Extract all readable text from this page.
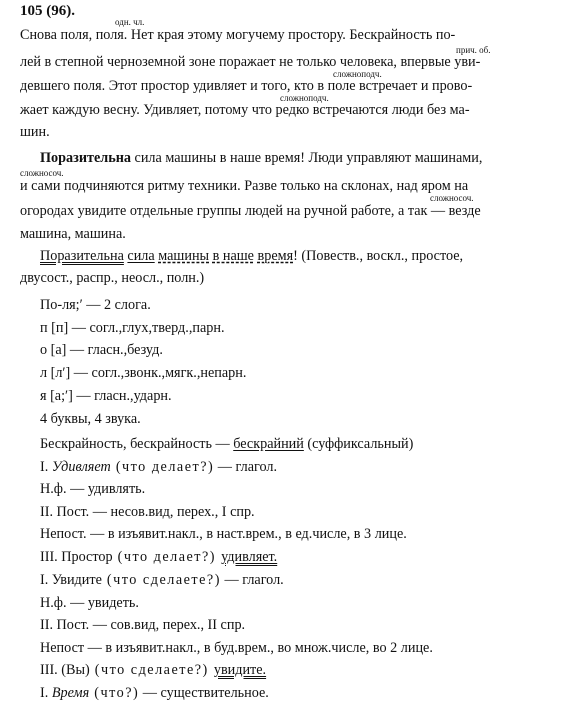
105 (96).
одн. чл.
прич. об.
сложноподч.
сложноподч.
сложносоч.
сложносоч.
Снова поля, поля. Нет края этому могучему простору. Бескрайность по-
лей в степной черноземной зоне поражает не только человека, впервые уви-
девшего поля. Этот простор удивляет и того, кто в поле встречает и прово-
жает каждую весну. Удивляет, потому что редко встречаются люди без ма-
шин.
Поразительна сила машины в наше время! Люди управляют машинами,
и сами подчиняются ритму техники. Разве только на склонах, над яром на
огородах увидите отдельные группы людей на ручной работе, а так — везде
машина, машина.
Поразительна сила машины в наше время! (Повеств., воскл., простое,
двусост., распр., неосл., полн.)
По-ля;ʹ — 2 слога.
п [п] — согл.,глух,тверд.,парн.
о [а] — гласн.,безуд.
л [лʹ] — согл.,звонк.,мягк.,непарн.
я [а;ʹ] — гласн.,ударн.
4 буквы, 4 звука.
Бескрайность, бескрайность — бескрайний (суффиксальный)
I. Удивляет (что делает?) — глагол.
Н.ф. — удивлять.
II. Пост. — несов.вид, перех., I спр.
Непост. — в изъявит.накл., в наст.врем., в ед.числе, в 3 лице.
III. Простор (что делает?) удивляет.
I. Увидите (что сделаете?) — глагол.
Н.ф. — увидеть.
II. Пост. — сов.вид, перех., II спр.
Непост — в изъявит.накл., в буд.врем., во множ.числе, во 2 лице.
III. (Вы) (что сделаете?) увидите.
I. Время (что?) — существительное.
